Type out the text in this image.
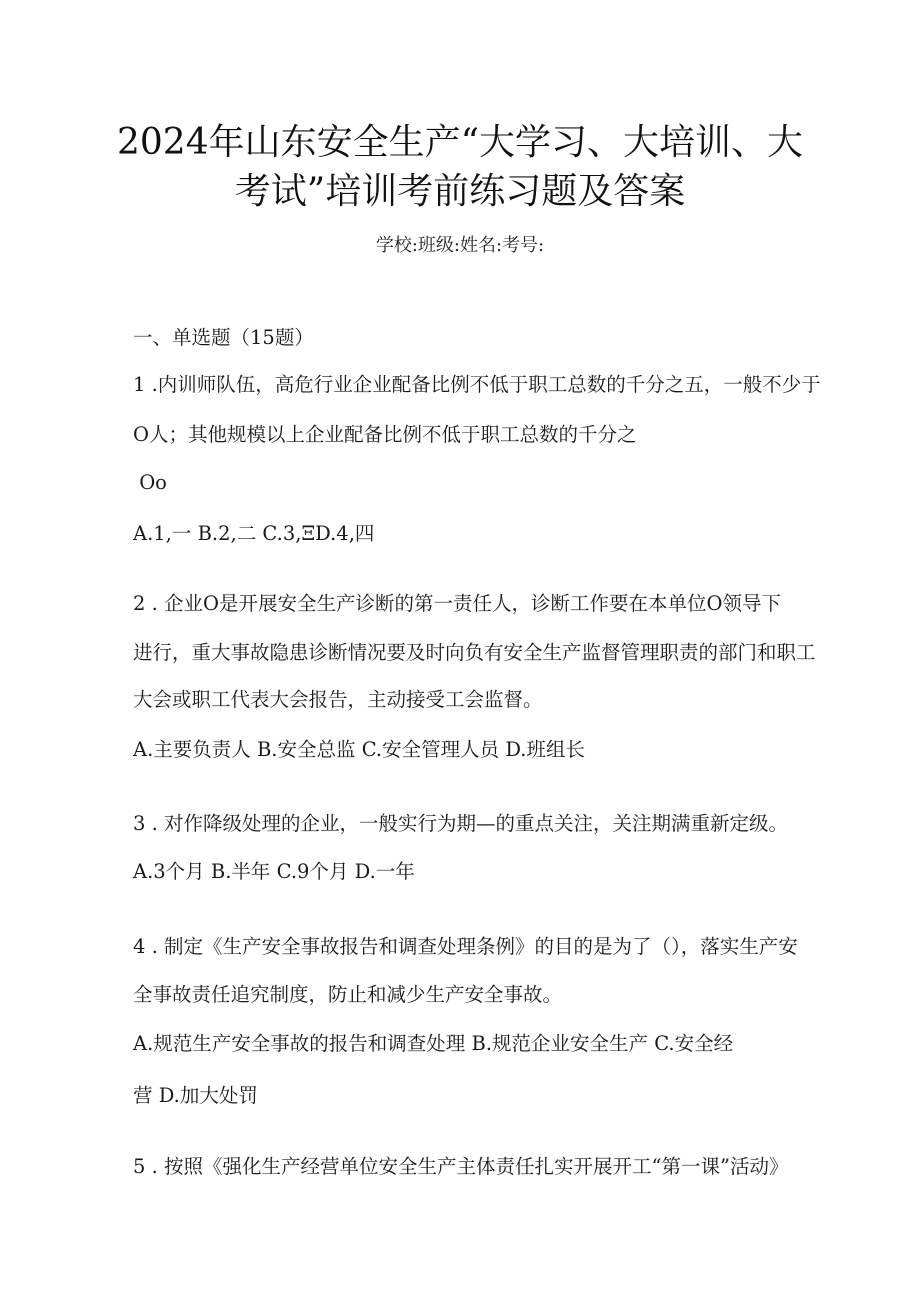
2024年山东安全生产“大学习、大培训、大
考试”培训考前练习题及答案
学校:班级:姓名:考号:
一、单选题（15题）
1 .内训师队伍，高危行业企业配备比例不低于职工总数的千分之五，一般不少于
O人；其他规模以上企业配备比例不低于职工总数的千分之
Oo
A.1,一 B.2,二 C.3,ΞD.4,四
2 . 企业O是开展安全生产诊断的第一责任人，诊断工作要在本单位O领导下
进行，重大事故隐患诊断情况要及时向负有安全生产监督管理职责的部门和职工
大会或职工代表大会报告，主动接受工会监督。
A.主要负责人 B.安全总监 C.安全管理人员 D.班组长
3 . 对作降级处理的企业，一般实行为期—的重点关注，关注期满重新定级。
A.3个月 B.半年 C.9个月 D.一年
4 . 制定《生产安全事故报告和调查处理条例》的目的是为了（），落实生产安
全事故责任追究制度，防止和减少生产安全事故。
A.规范生产安全事故的报告和调查处理 B.规范企业安全生产 C.安全经
营 D.加大处罚
5 . 按照《强化生产经营单位安全生产主体责任扎实开展开工“第一课”活动》
